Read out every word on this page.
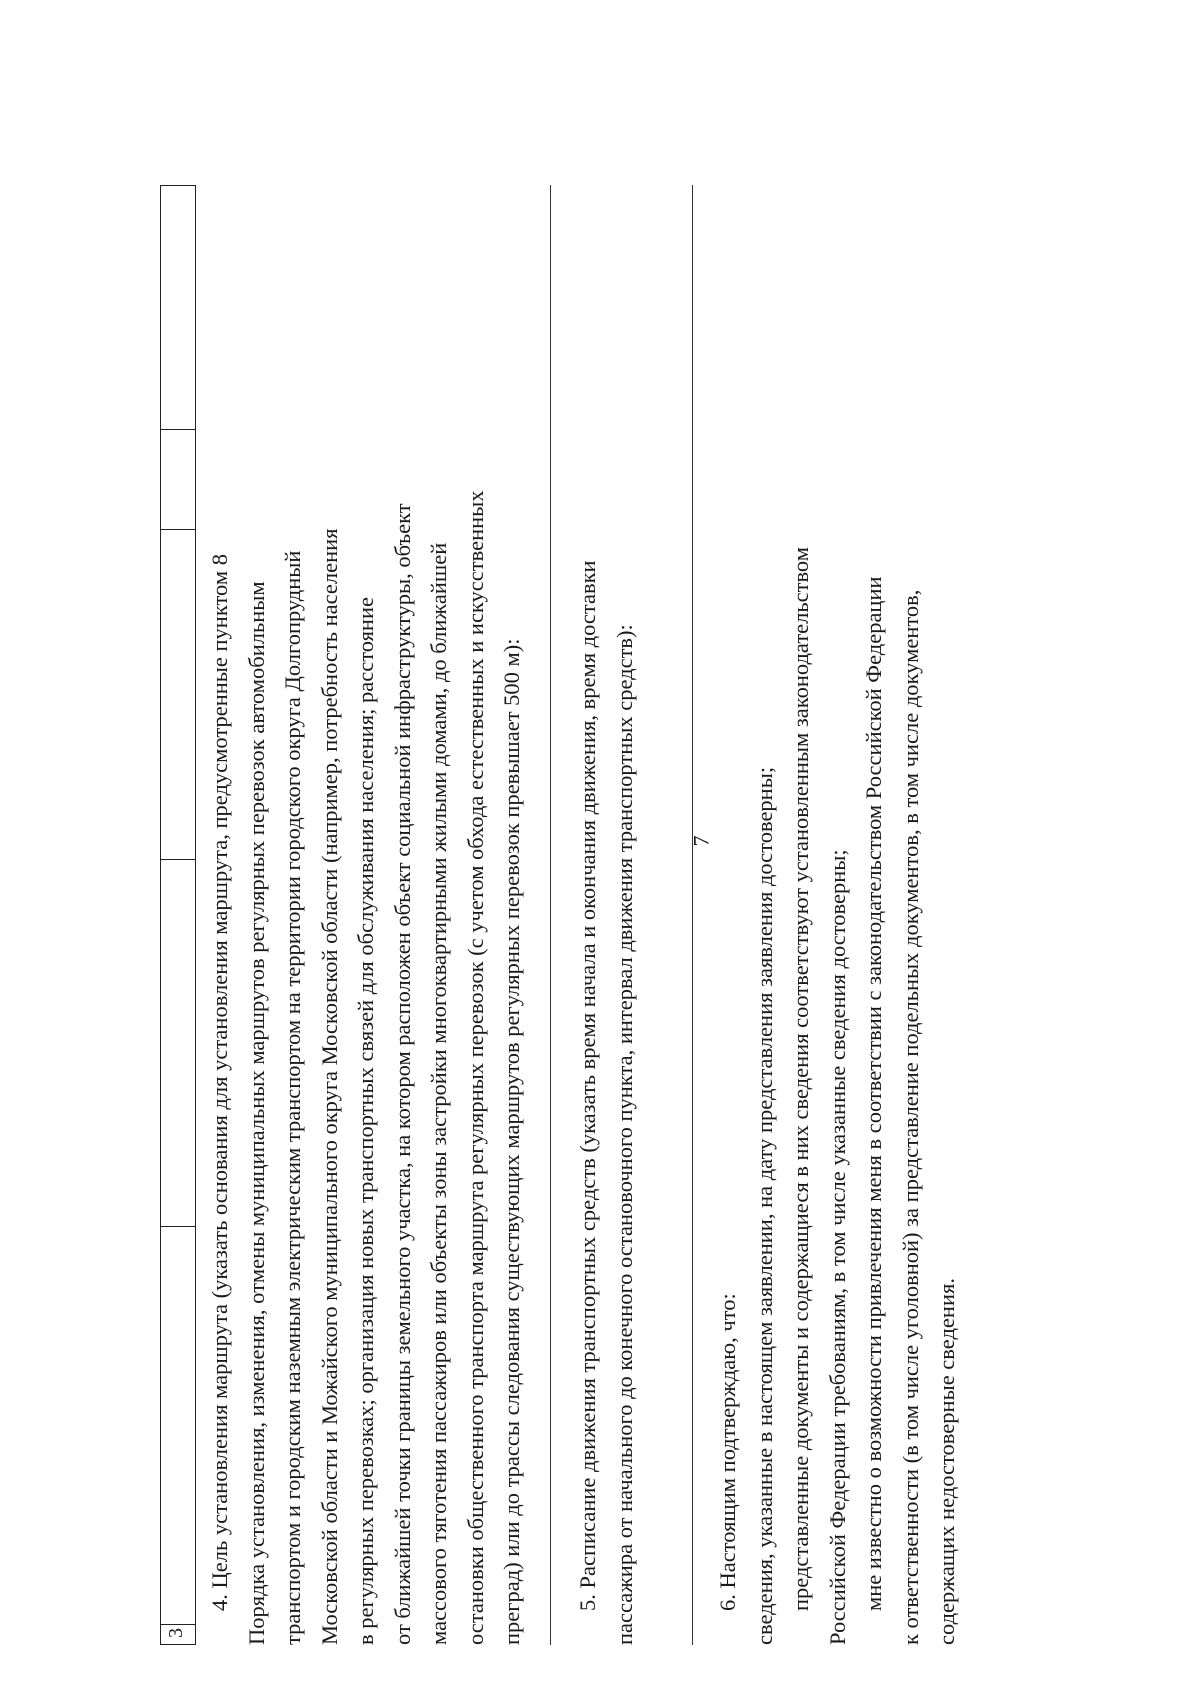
7
3
4. Цель установления маршрута (указать основания для установления маршрута, предусмотренные пунктом 8 Порядка установления, изменения, отмены муниципальных маршрутов регулярных перевозок автомобильным транспортом и городским наземным электрическим транспортом на территории городского округа Долгопрудный Московской области и Можайского муниципального округа Московской области (например, потребность населения в регулярных перевозках; организация новых транспортных связей для обслуживания населения; расстояние от ближайшей точки границы земельного участка, на котором расположен объект социальной инфраструктуры, объект массового тяготения пассажиров или объекты зоны застройки многоквартирными жилыми домами, до ближайшей остановки общественного транспорта маршрута регулярных перевозок (с учетом обхода естественных и искусственных преград) или до трассы следования существующих маршрутов регулярных перевозок превышает 500 м): 5. Расписание движения транспортных средств (указать время начала и окончания движения, время доставки пассажира от начального до конечного остановочного пункта, интервал движения транспортных средств):	6. Настоящим подтверждаю, что: сведения, указанные в настоящем заявлении, на дату представления заявления достоверны; представленные документы и содержащиеся в них сведения соответствуют установленным законодательством Российской Федерации требованиям, в том числе указанные сведения достоверны; мне известно о возможности привлечения меня в соответствии с законодательством Российской Федерации к ответственности (в том числе уголовной) за представление подельных документов, в том числе документов, содержащих недостоверные сведения.
